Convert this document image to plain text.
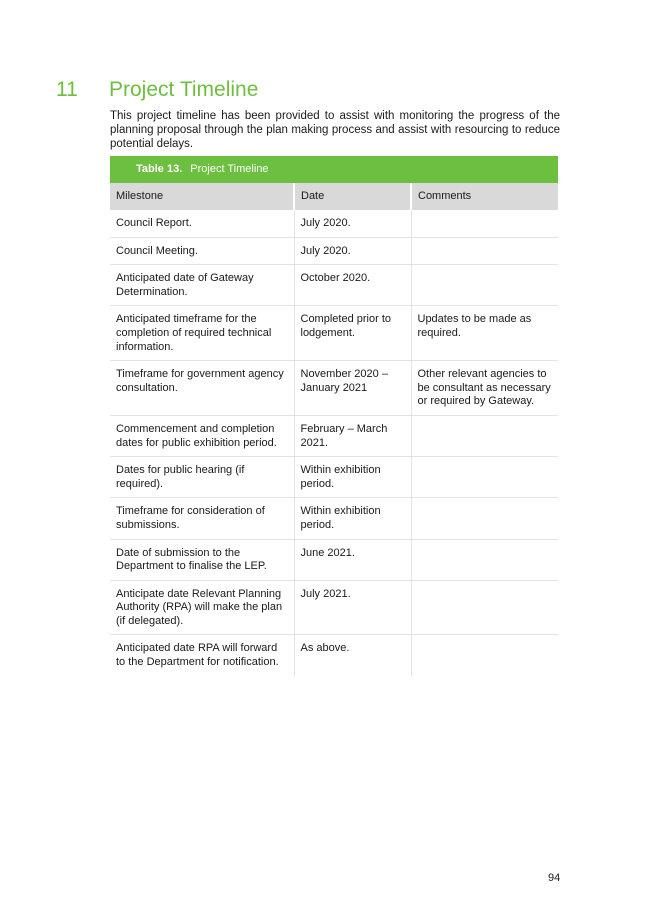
11 Project Timeline

This project timeline has been provided to assist with monitoring the progress of the planning proposal through the plan making process and assist with resourcing to reduce potential delays.

Table 13. Project Timeline		
Milestone	Date	Comments
Council Report.	July 2020.	
Council Meeting.	July 2020.	
Anticipated date of Gateway Determination.	October 2020.	
Anticipated timeframe for the completion of required technical information.	Completed prior to lodgement.	Updates to be made as required.
Timeframe for government agency consultation.	November 2020 – January 2021	Other relevant agencies to be consultant as necessary or required by Gateway.
Commencement and completion dates for public exhibition period.	February – March 2021.	
Dates for public hearing (if required).	Within exhibition period.	
Timeframe for consideration of submissions.	Within exhibition period.	
Date of submission to the Department to finalise the LEP.	June 2021.	
Anticipate date Relevant Planning Authority (RPA) will make the plan (if delegated).	July 2021.	
Anticipated date RPA will forward to the Department for notification.	As above.	
94
